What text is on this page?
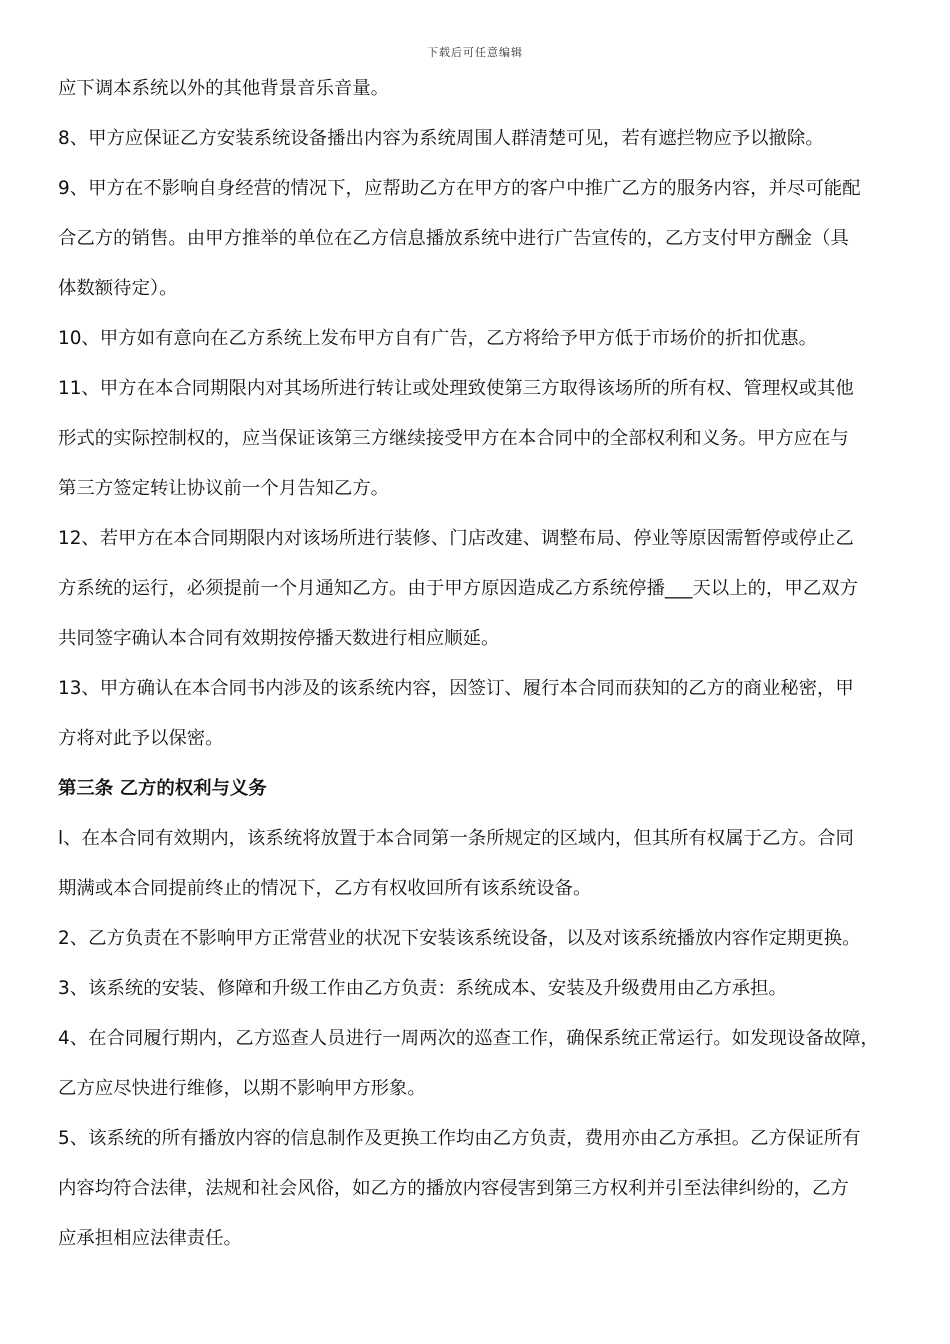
下载后可任意编辑
应下调本系统以外的其他背景音乐音量。
8、甲方应保证乙方安装系统设备播出内容为系统周围人群清楚可见，若有遮拦物应予以撤除。
9、甲方在不影响自身经营的情况下，应帮助乙方在甲方的客户中推广乙方的服务内容，并尽可能配
合乙方的销售。由甲方推举的单位在乙方信息播放系统中进行广告宣传的，乙方支付甲方酬金（具
体数额待定）。
10、甲方如有意向在乙方系统上发布甲方自有广告，乙方将给予甲方低于市场价的折扣优惠。
11、甲方在本合同期限内对其场所进行转让或处理致使第三方取得该场所的所有权、管理权或其他
形式的实际控制权的，应当保证该第三方继续接受甲方在本合同中的全部权利和义务。甲方应在与
第三方签定转让协议前一个月告知乙方。
12、若甲方在本合同期限内对该场所进行装修、门店改建、调整布局、停业等原因需暂停或停止乙
方系统的运行，必须提前一个月通知乙方。由于甲方原因造成乙方系统停播___天以上的，甲乙双方
共同签字确认本合同有效期按停播天数进行相应顺延。
13、甲方确认在本合同书内涉及的该系统内容，因签订、履行本合同而获知的乙方的商业秘密，甲
方将对此予以保密。
第三条 乙方的权利与义务
l、在本合同有效期内，该系统将放置于本合同第一条所规定的区域内，但其所有权属于乙方。合同
期满或本合同提前终止的情况下，乙方有权收回所有该系统设备。
2、乙方负责在不影响甲方正常营业的状况下安装该系统设备，以及对该系统播放内容作定期更换。
3、该系统的安装、修障和升级工作由乙方负责：系统成本、安装及升级费用由乙方承担。
4、在合同履行期内，乙方巡查人员进行一周两次的巡查工作，确保系统正常运行。如发现设备故障，
乙方应尽快进行维修，以期不影响甲方形象。
5、该系统的所有播放内容的信息制作及更换工作均由乙方负责，费用亦由乙方承担。乙方保证所有
内容均符合法律，法规和社会风俗，如乙方的播放内容侵害到第三方权利并引至法律纠纷的，乙方
应承担相应法律责任。
